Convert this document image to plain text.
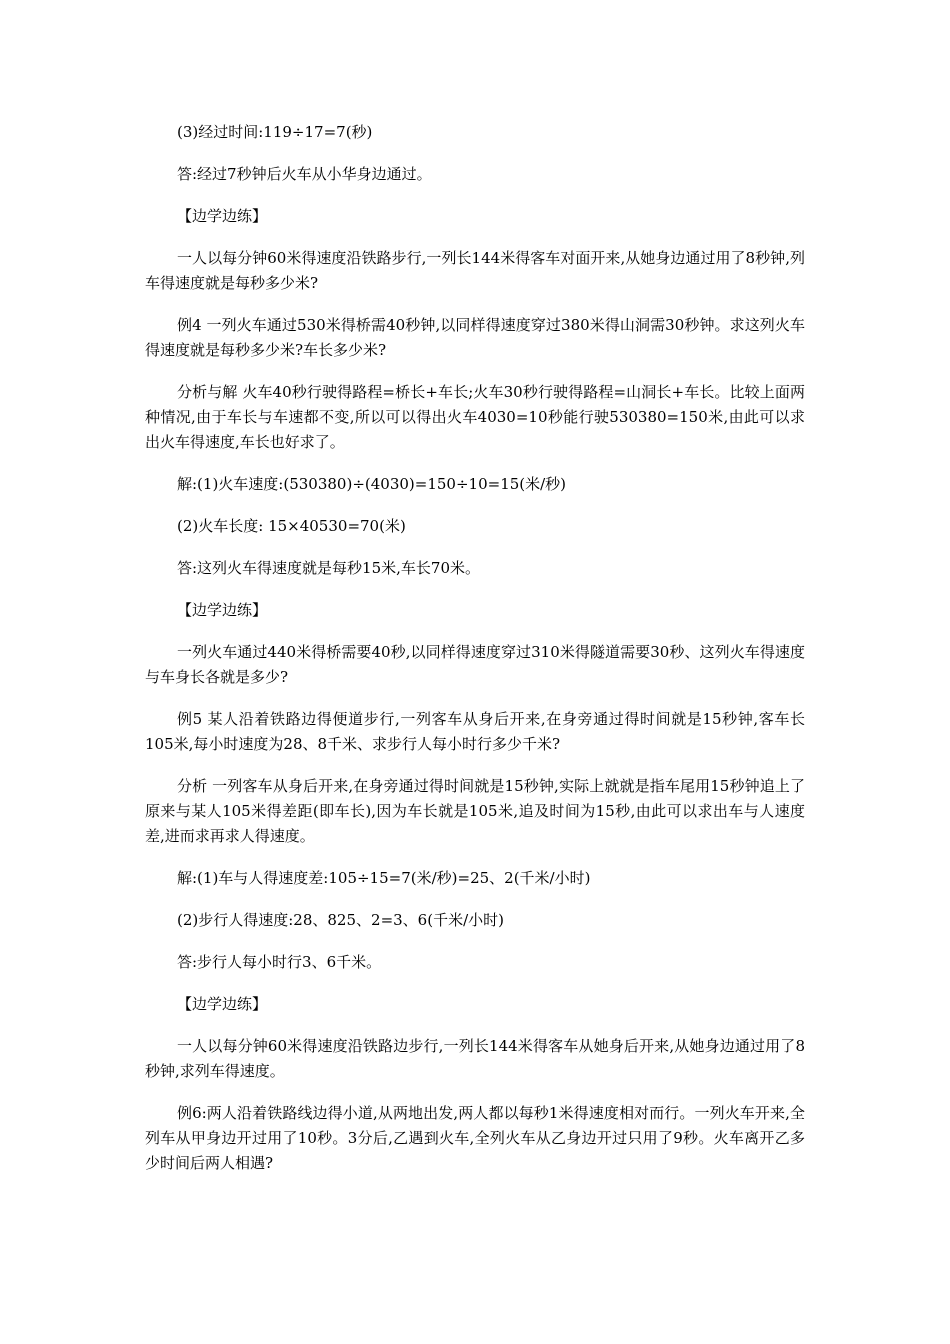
(3)经过时间:119÷17=7(秒)

答:经过7秒钟后火车从小华身边通过。

【边学边练】

一人以每分钟60米得速度沿铁路步行,一列长144米得客车对面开来,从她身边通过用了8秒钟,列车得速度就是每秒多少米?

例4 一列火车通过530米得桥需40秒钟,以同样得速度穿过380米得山洞需30秒钟。求这列火车得速度就是每秒多少米?车长多少米?

分析与解 火车40秒行驶得路程=桥长+车长;火车30秒行驶得路程=山洞长+车长。比较上面两种情况,由于车长与车速都不变,所以可以得出火车4030=10秒能行驶530380=150米,由此可以求出火车得速度,车长也好求了。

解:(1)火车速度:(530380)÷(4030)=150÷10=15(米/秒)

(2)火车长度: 15×40530=70(米)

答:这列火车得速度就是每秒15米,车长70米。

【边学边练】

一列火车通过440米得桥需要40秒,以同样得速度穿过310米得隧道需要30秒、这列火车得速度与车身长各就是多少?

例5 某人沿着铁路边得便道步行,一列客车从身后开来,在身旁通过得时间就是15秒钟,客车长105米,每小时速度为28、8千米、求步行人每小时行多少千米?

分析 一列客车从身后开来,在身旁通过得时间就是15秒钟,实际上就就是指车尾用15秒钟追上了原来与某人105米得差距(即车长),因为车长就是105米,追及时间为15秒,由此可以求出车与人速度差,进而求再求人得速度。

解:(1)车与人得速度差:105÷15=7(米/秒)=25、2(千米/小时)

(2)步行人得速度:28、825、2=3、6(千米/小时)

答:步行人每小时行3、6千米。

【边学边练】

一人以每分钟60米得速度沿铁路边步行,一列长144米得客车从她身后开来,从她身边通过用了8秒钟,求列车得速度。

例6:两人沿着铁路线边得小道,从两地出发,两人都以每秒1米得速度相对而行。一列火车开来,全列车从甲身边开过用了10秒。3分后,乙遇到火车,全列火车从乙身边开过只用了9秒。火车离开乙多少时间后两人相遇?
